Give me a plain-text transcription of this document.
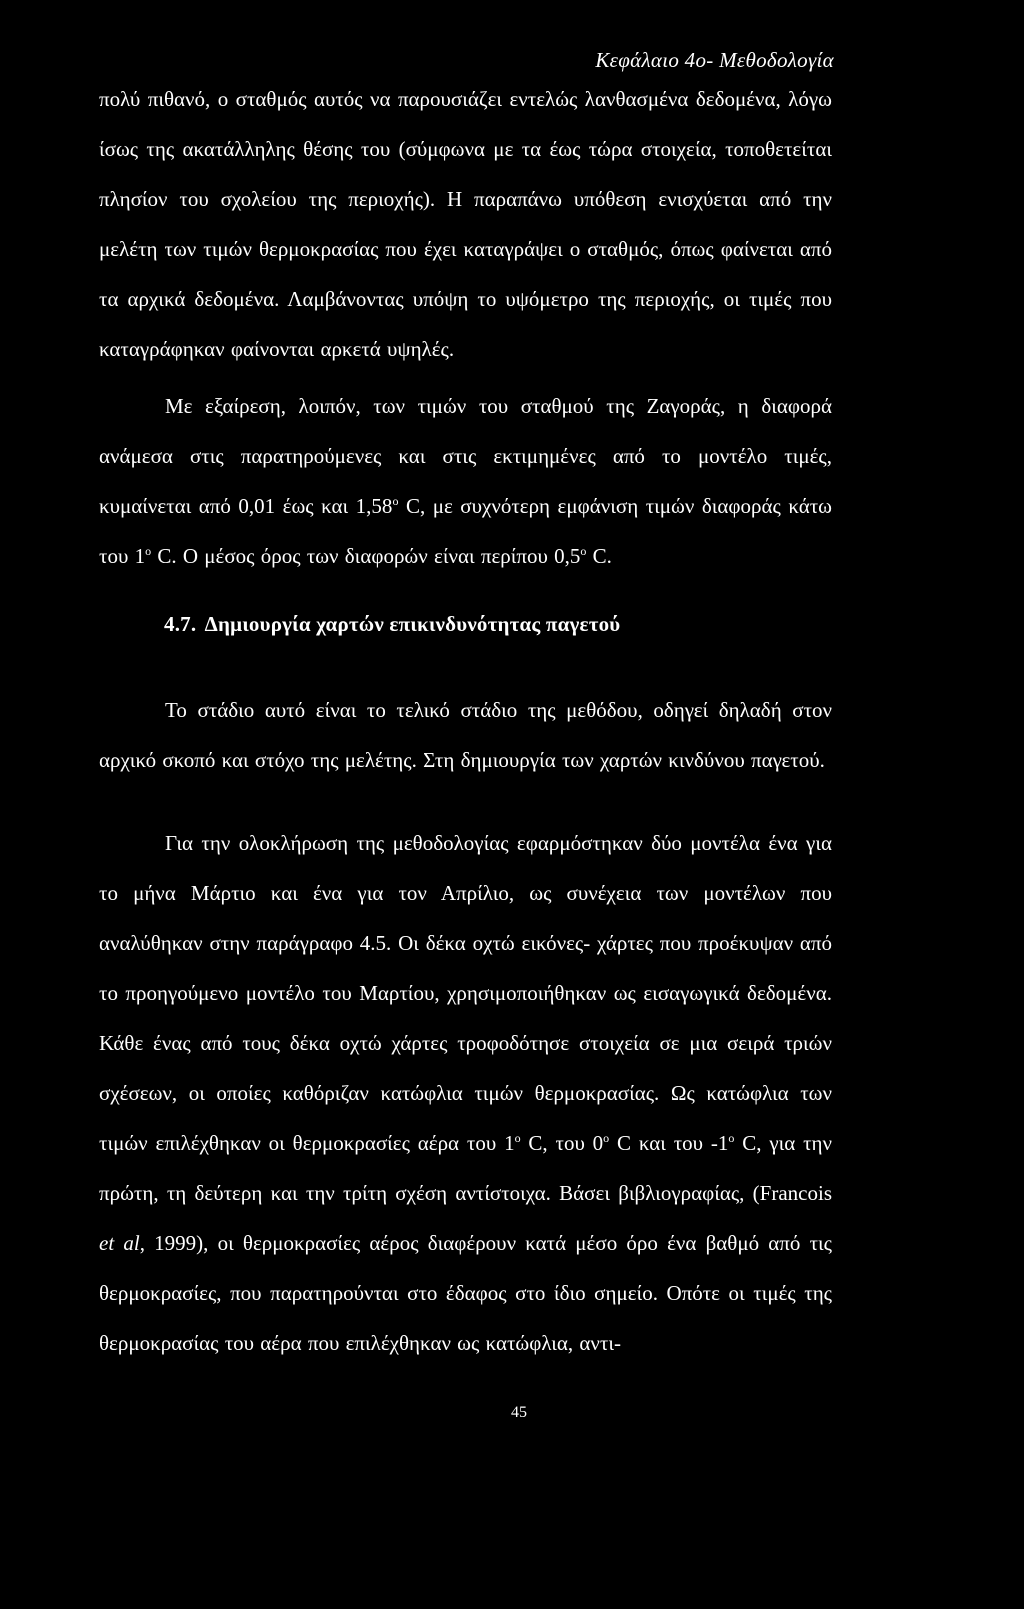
Κεφάλαιο 4ο- Μεθοδολογία

πολύ πιθανό, ο σταθμός αυτός να παρουσιάζει εντελώς λανθασμένα δεδομένα, λόγω ίσως της ακατάλληλης θέσης του (σύμφωνα με τα έως τώρα στοιχεία, τοποθετείται πλησίον του σχολείου της περιοχής). Η παραπάνω υπόθεση ενισχύεται από την μελέτη των τιμών θερμοκρασίας που έχει καταγράψει ο σταθμός, όπως φαίνεται από τα αρχικά δεδομένα. Λαμβάνοντας υπόψη το υψόμετρο της περιοχής, οι τιμές που καταγράφηκαν φαίνονται αρκετά υψηλές.

Με εξαίρεση, λοιπόν, των τιμών του σταθμού της Ζαγοράς, η διαφορά ανάμεσα στις παρατηρούμενες και στις εκτιμημένες από το μοντέλο τιμές, κυμαίνεται από 0,01 έως και $1,58^o$ C, με συχνότερη εμφάνιση τιμών διαφοράς κάτω του $1^o$ C. Ο μέσος όρος των διαφορών είναι περίπου $0,5^o$ C.

4.7. Δημιουργία χαρτών επικινδυνότητας παγετού

Το στάδιο αυτό είναι το τελικό στάδιο της μεθόδου, οδηγεί δηλαδή στον αρχικό σκοπό και στόχο της μελέτης. Στη δημιουργία των χαρτών κινδύνου παγετού.

Για την ολοκλήρωση της μεθοδολογίας εφαρμόστηκαν δύο μοντέλα ένα για το μήνα Μάρτιο και ένα για τον Απρίλιο, ως συνέχεια των μοντέλων που αναλύθηκαν στην παράγραφο 4.5. Οι δέκα οχτώ εικόνες- χάρτες που προέκυψαν από το προηγούμενο μοντέλο του Μαρτίου, χρησιμοποιήθηκαν ως εισαγωγικά δεδομένα. Κάθε ένας από τους δέκα οχτώ χάρτες τροφοδότησε στοιχεία σε μια σειρά τριών σχέσεων, οι οποίες καθόριζαν κατώφλια τιμών θερμοκρασίας. Ως κατώφλια των τιμών επιλέχθηκαν οι θερμοκρασίες αέρα του $1^o$ C, του $0^o$ C και του $-1^o$ C, για την πρώτη, τη δεύτερη και την τρίτη σχέση αντίστοιχα. Βάσει βιβλιογραφίας, (Francois et al, 1999), οι θερμοκρασίες αέρος διαφέρουν κατά μέσο όρο ένα βαθμό από τις θερμοκρασίες, που παρατηρούνται στο έδαφος στο ίδιο σημείο. Οπότε οι τιμές της θερμοκρασίας του αέρα που επιλέχθηκαν ως κατώφλια, αντι-

45
